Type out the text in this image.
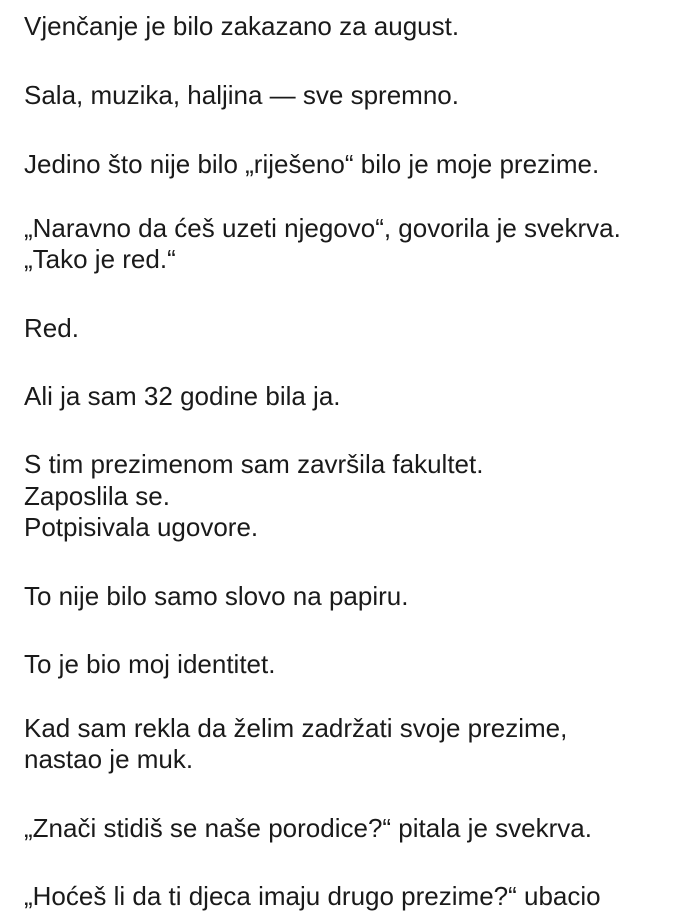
Vjenčanje je bilo zakazano za august.

Sala, muzika, haljina — sve spremno.

Jedino što nije bilo „riješeno“ bilo je moje prezime.

„Naravno da ćeš uzeti njegovo“, govorila je svekrva.

„Tako je red.“

Red.

Ali ja sam 32 godine bila ja.

S tim prezimenom sam završila fakultet.

Zaposlila se.

Potpisivala ugovore.

To nije bilo samo slovo na papiru.

To je bio moj identitet.

Kad sam rekla da želim zadržati svoje prezime,

nastao je muk.

„Znači stidiš se naše porodice?“ pitala je svekrva.

„Hoćeš li da ti djeca imaju drugo prezime?“ ubacio
